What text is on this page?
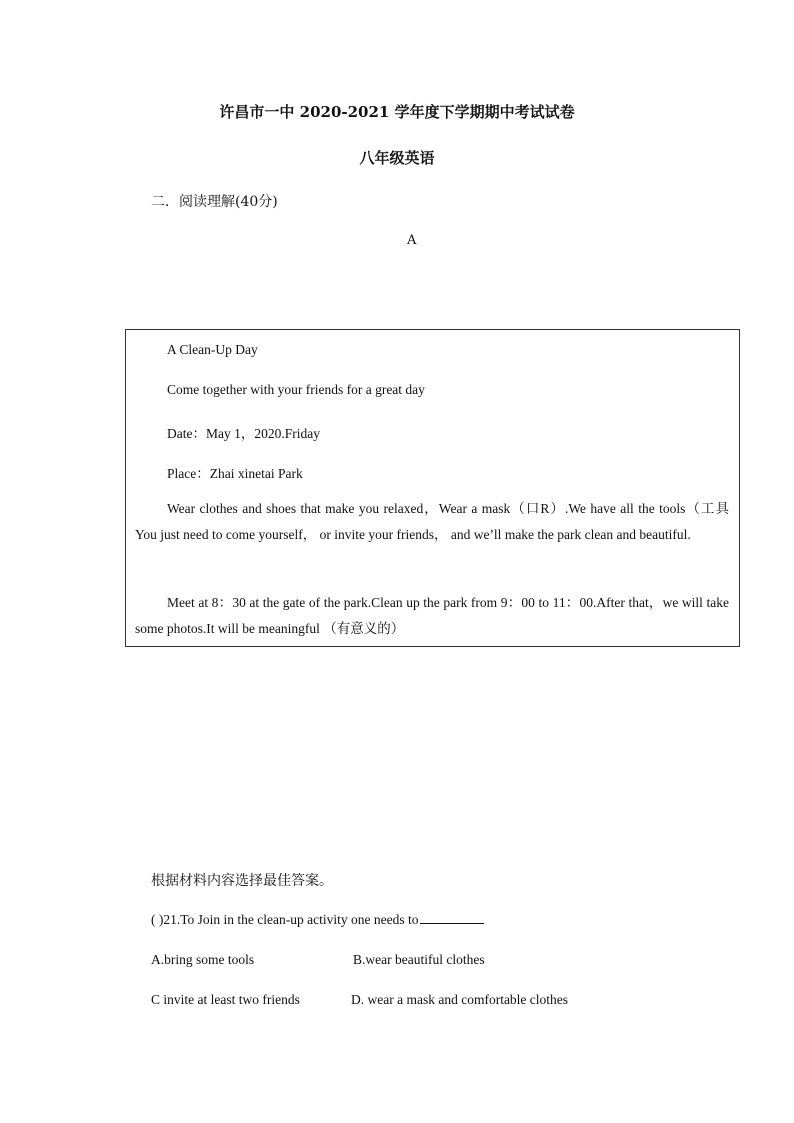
许昌市一中 2020-2021 学年度下学期期中考试试卷
八年级英语
二．阅读理解(40分)
A
A Clean-Up Day
Come together with your friends for a great day
Date：May 1，2020.Friday
Place：Zhai xinetai Park
Wear clothes and shoes that make you relaxed，Wear a mask（口R）.We have all the tools（工具 You just need to come yourself， or invite your friends， and we’ll make the park clean and beautiful.
Meet at 8：30 at the gate of the park.Clean up the park from 9：00 to 11：00.After that，we will take some photos.It will be meaningful （有意义的）
根据材料内容选择最佳答案。
( )21.To Join in the clean-up activity one needs to
A.bring some tools	B.wear beautiful clothes
C invite at least two friends	D. wear a mask and comfortable clothes
